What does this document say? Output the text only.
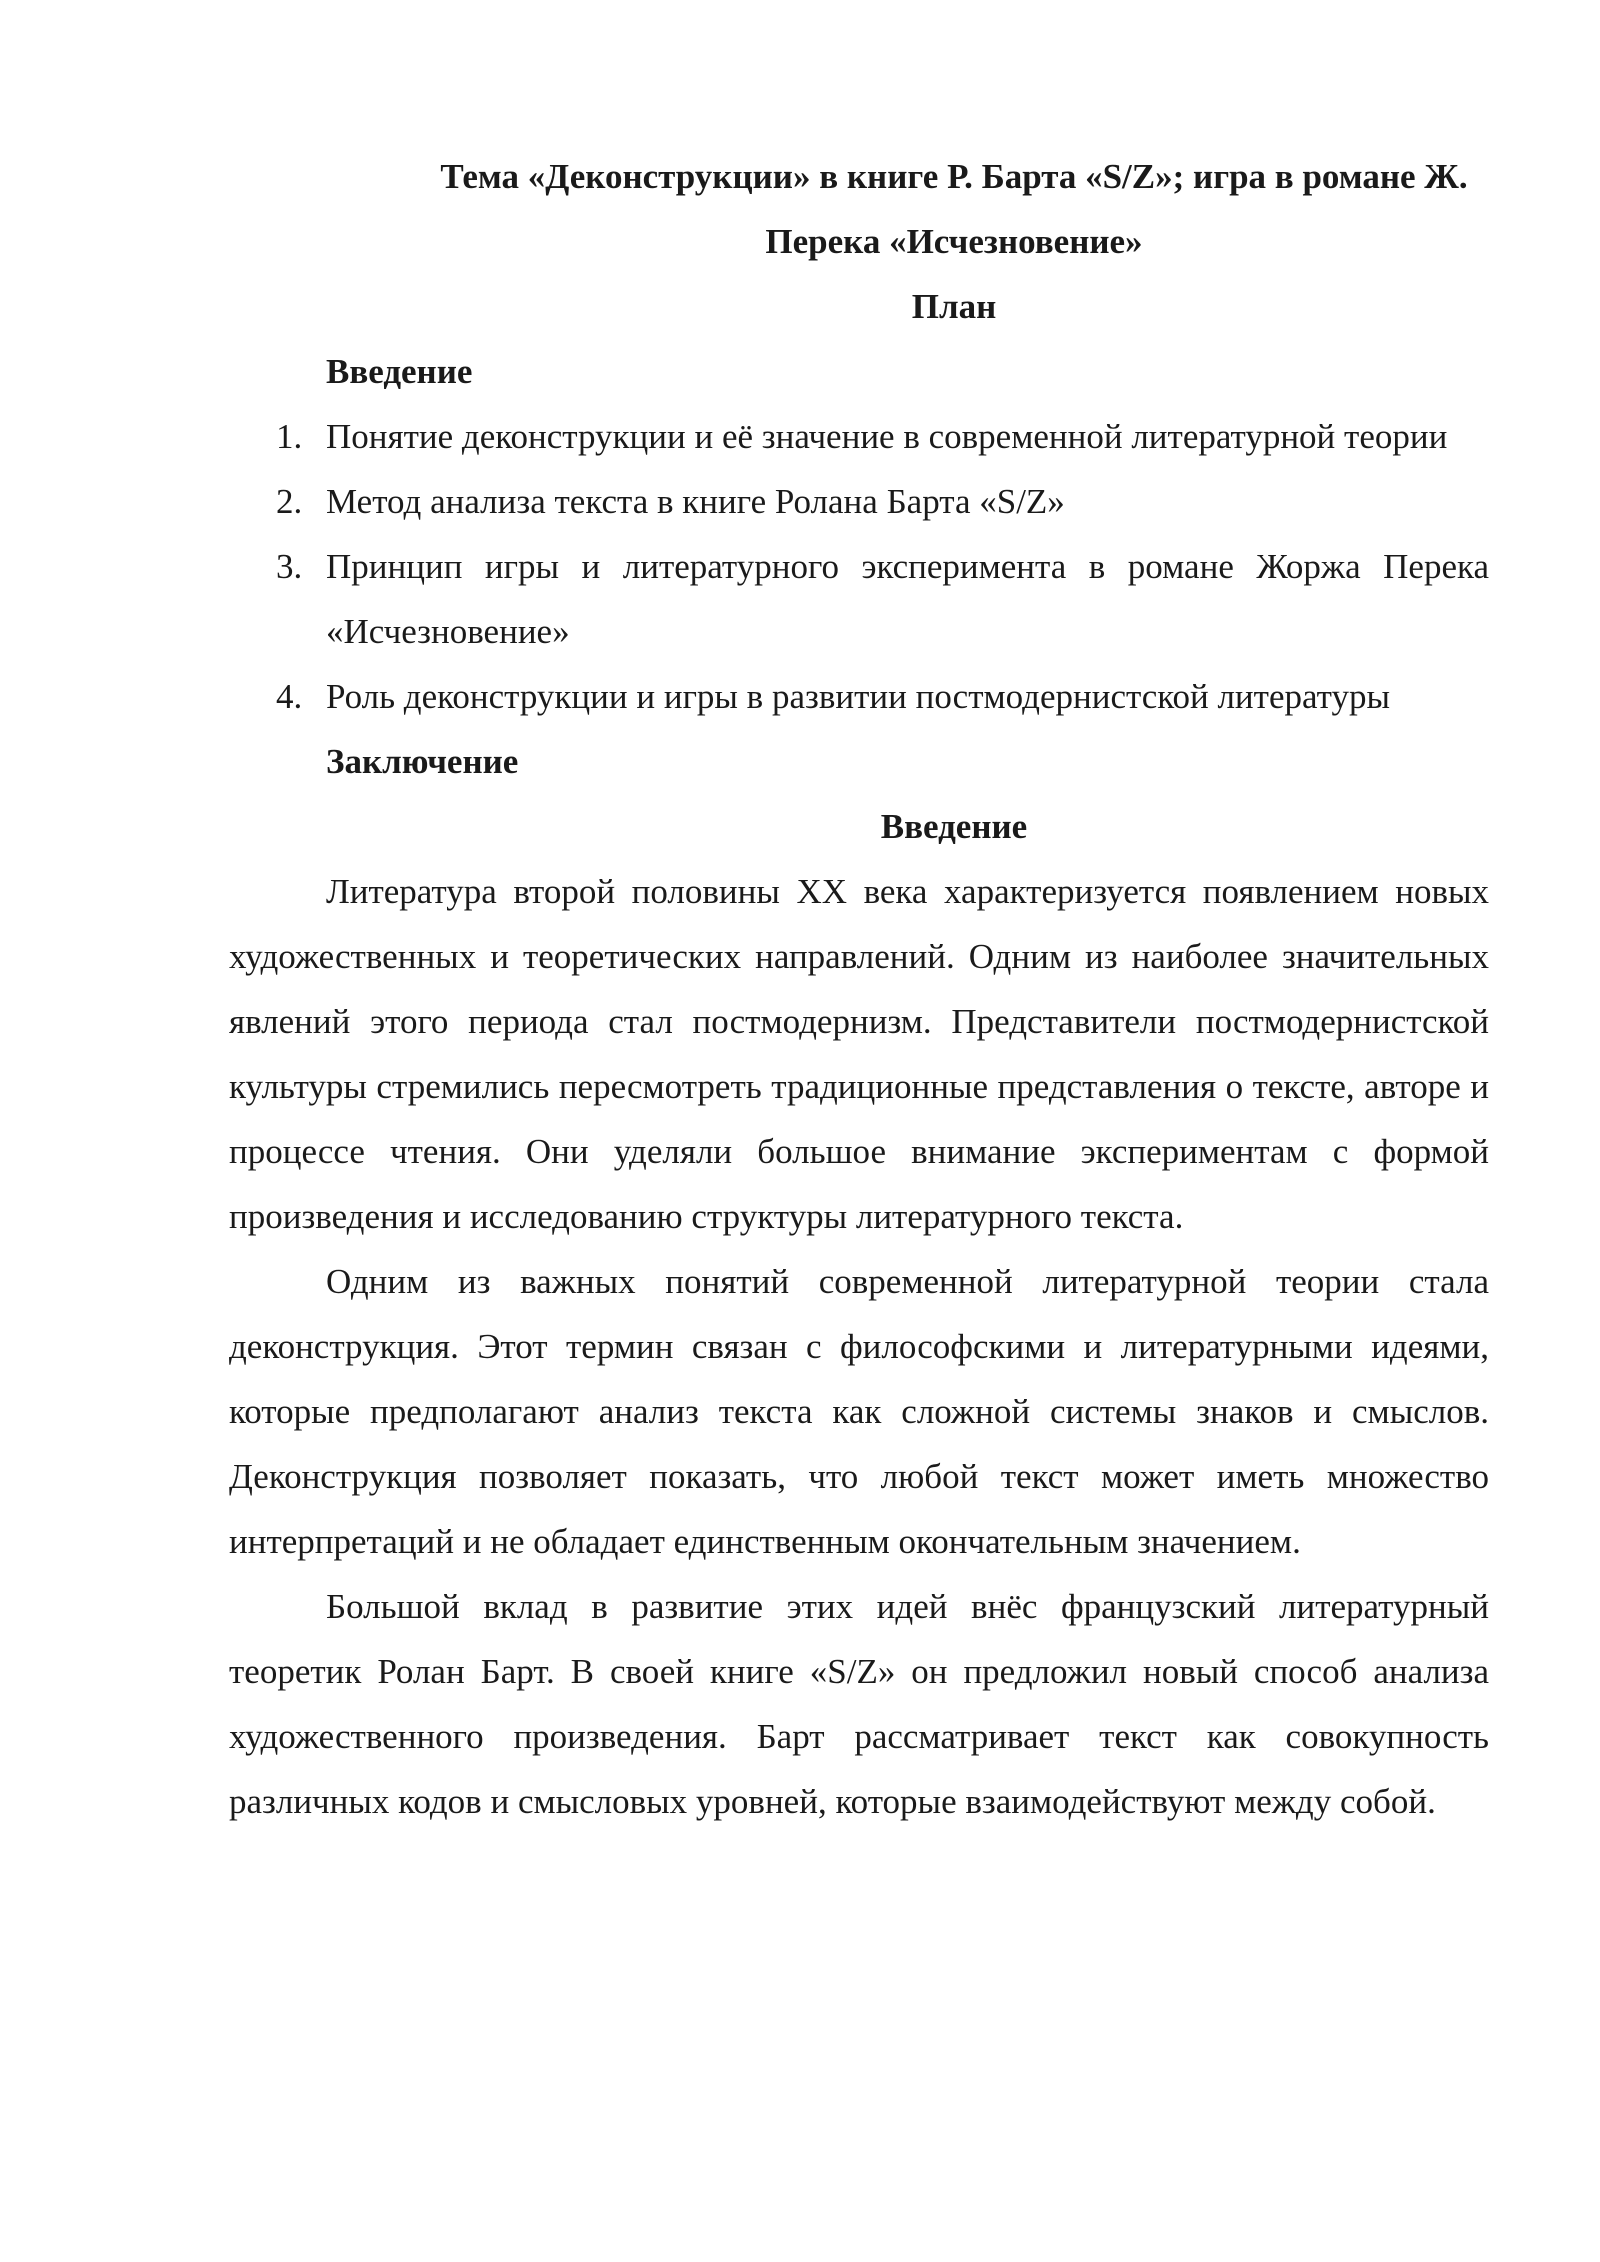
Тема «Деконструкции» в книге Р. Барта «S/Z»; игра в романе Ж. Перека «Исчезновение»

План

Введение

1. Понятие деконструкции и её значение в современной литературной теории
2. Метод анализа текста в книге Ролана Барта «S/Z»
3. Принцип игры и литературного эксперимента в романе Жоржа Перека «Исчезновение»
4. Роль деконструкции и игры в развитии постмодернистской литературы

Заключение

Введение

Литература второй половины XX века характеризуется появлением новых художественных и теоретических направлений. Одним из наиболее значительных явлений этого периода стал постмодернизм. Представители постмодернистской культуры стремились пересмотреть традиционные представления о тексте, авторе и процессе чтения. Они уделяли большое внимание экспериментам с формой произведения и исследованию структуры литературного текста.

Одним из важных понятий современной литературной теории стала деконструкция. Этот термин связан с философскими и литературными идеями, которые предполагают анализ текста как сложной системы знаков и смыслов. Деконструкция позволяет показать, что любой текст может иметь множество интерпретаций и не обладает единственным окончательным значением.

Большой вклад в развитие этих идей внёс французский литературный теоретик Ролан Барт. В своей книге «S/Z» он предложил новый способ анализа художественного произведения. Барт рассматривает текст как совокупность различных кодов и смысловых уровней, которые взаимодействуют между собой.
